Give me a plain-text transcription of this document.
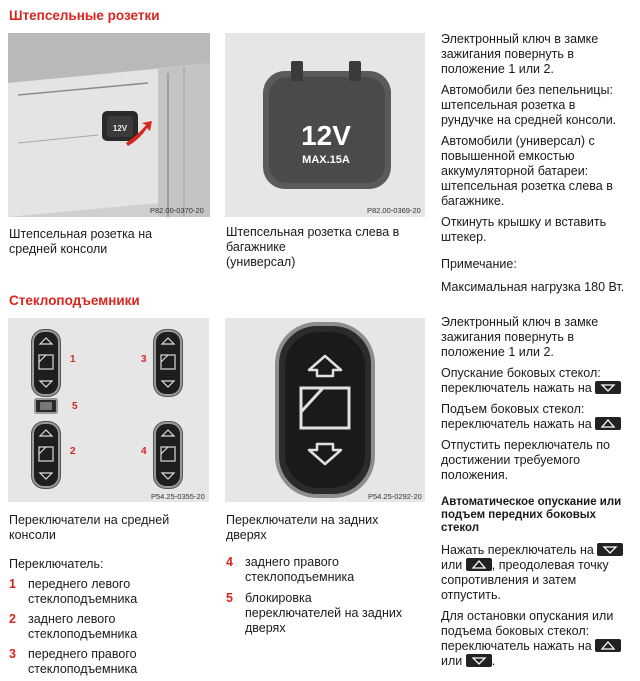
Штепсельные розетки
12V
P82.00-0370-20
Штепсельная розетка на
средней консоли
12V
MAX.15A
P82.00-0369-20
Штепсельная розетка слева в
багажнике
(универсал)
Электронный ключ в замке
зажигания повернуть в
положение 1 или 2.
Автомобили без пепельницы:
штепсельная розетка в
рундучке на средней консоли.
Автомобили (универсал) с
повышенной емкостью
аккумуляторной батареи:
штепсельная розетка слева в
багажнике.
Откинуть крышку и вставить
штекер.
Примечание:
Максимальная нагрузка 180 Вт.
Стеклоподъемники
1	3
5
2	4
P54.25-0355-20
Переключатели на средней
консоли
P54.25-0292-20
Переключатели на задних
дверях
Переключатель:
1 переднего левого
стеклоподъемника
2 заднего левого
стеклоподъемника
3 переднего правого
стеклоподъемника
4 заднего правого
стеклоподъемника
5 блокировка
переключателей на задних
дверях
Электронный ключ в замке
зажигания повернуть в
положение 1 или 2.
Опускание боковых стекол:
переключатель нажать на
Подъем боковых стекол:
переключатель нажать на
Отпустить переключатель по
достижении требуемого
положения.
Автоматическое опускание или
подъем передних боковых
стекол
Нажать переключатель на
или , преодолевая точку
сопротивления и затем
отпустить.
Для остановки опускания или
подъема боковых стекол:
переключатель нажать на
или .
